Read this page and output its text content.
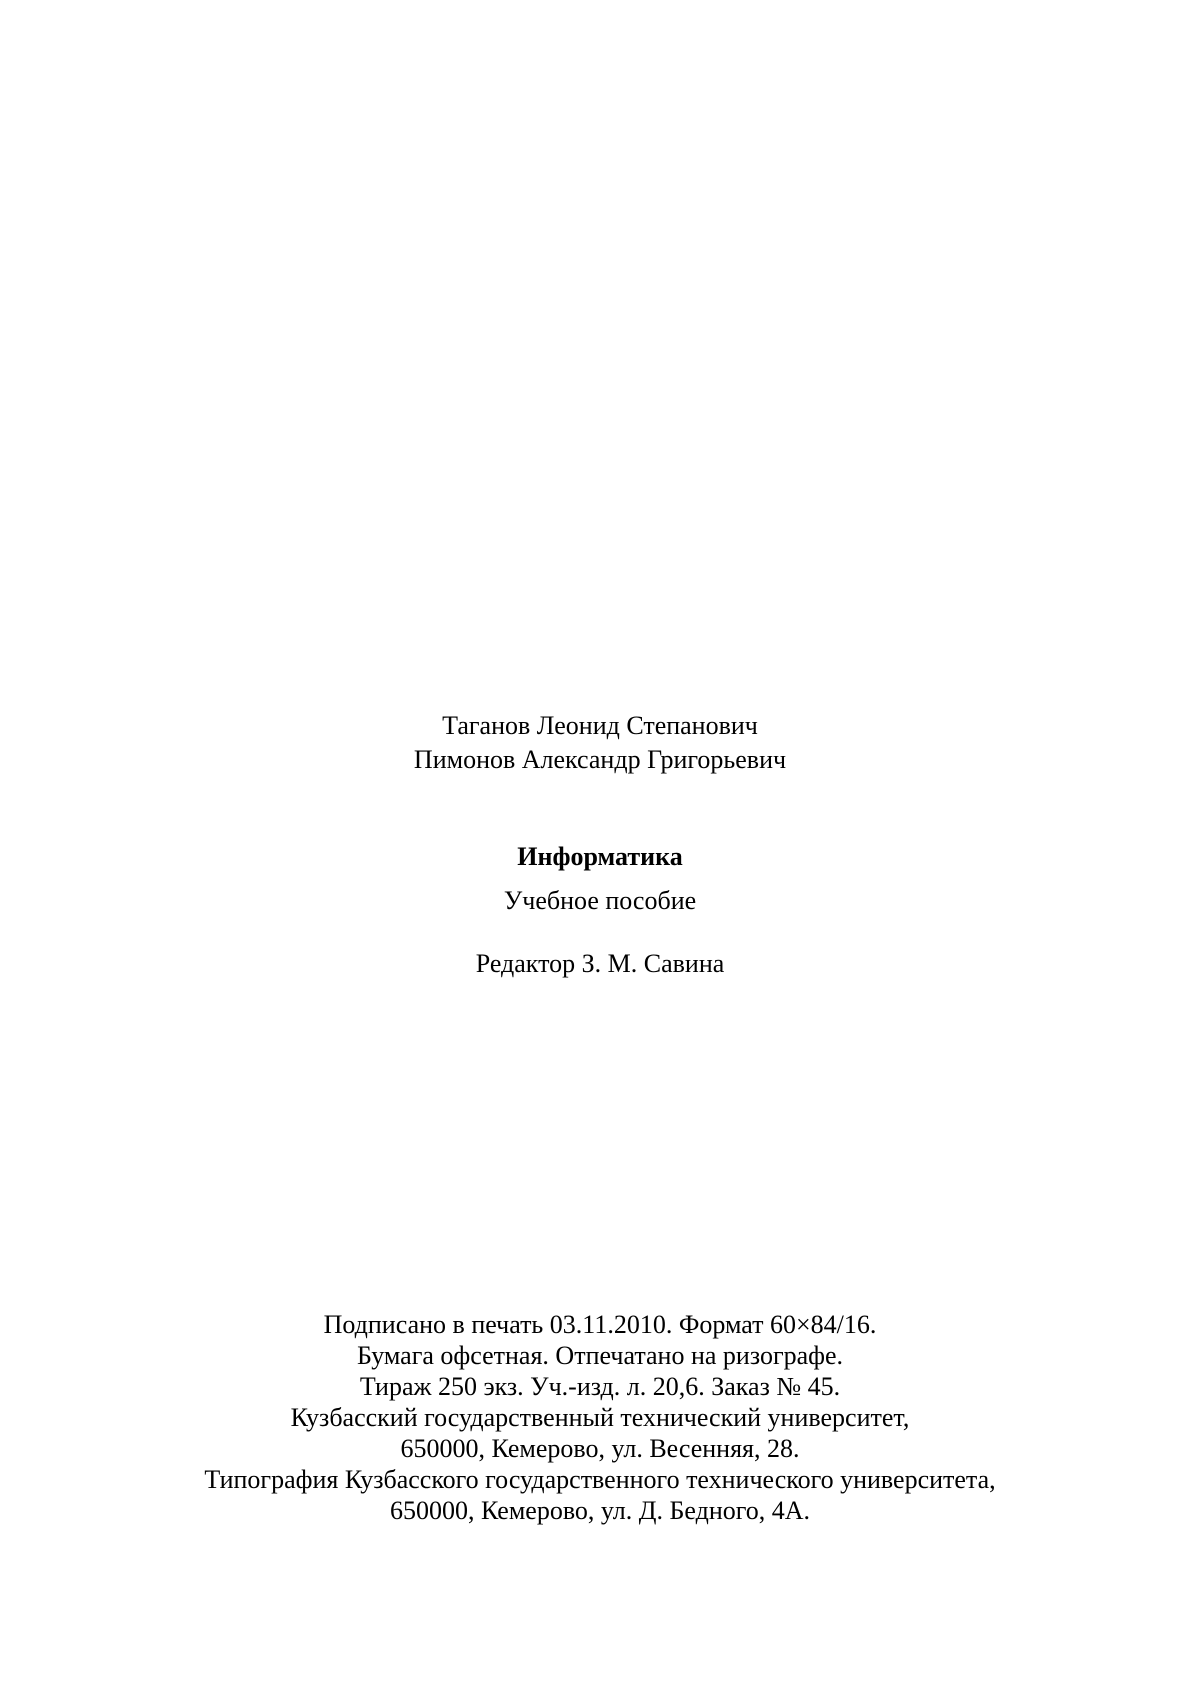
Таганов Леонид Степанович
Пимонов Александр Григорьевич
Информатика
Учебное пособие
Редактор З. М. Савина
Подписано в печать 03.11.2010. Формат 60×84/16.
Бумага офсетная. Отпечатано на ризографе.
Тираж 250 экз. Уч.-изд. л. 20,6. Заказ № 45.
Кузбасский государственный технический университет,
650000, Кемерово, ул. Весенняя, 28.
Типография Кузбасского государственного технического университета,
650000, Кемерово, ул. Д. Бедного, 4А.
